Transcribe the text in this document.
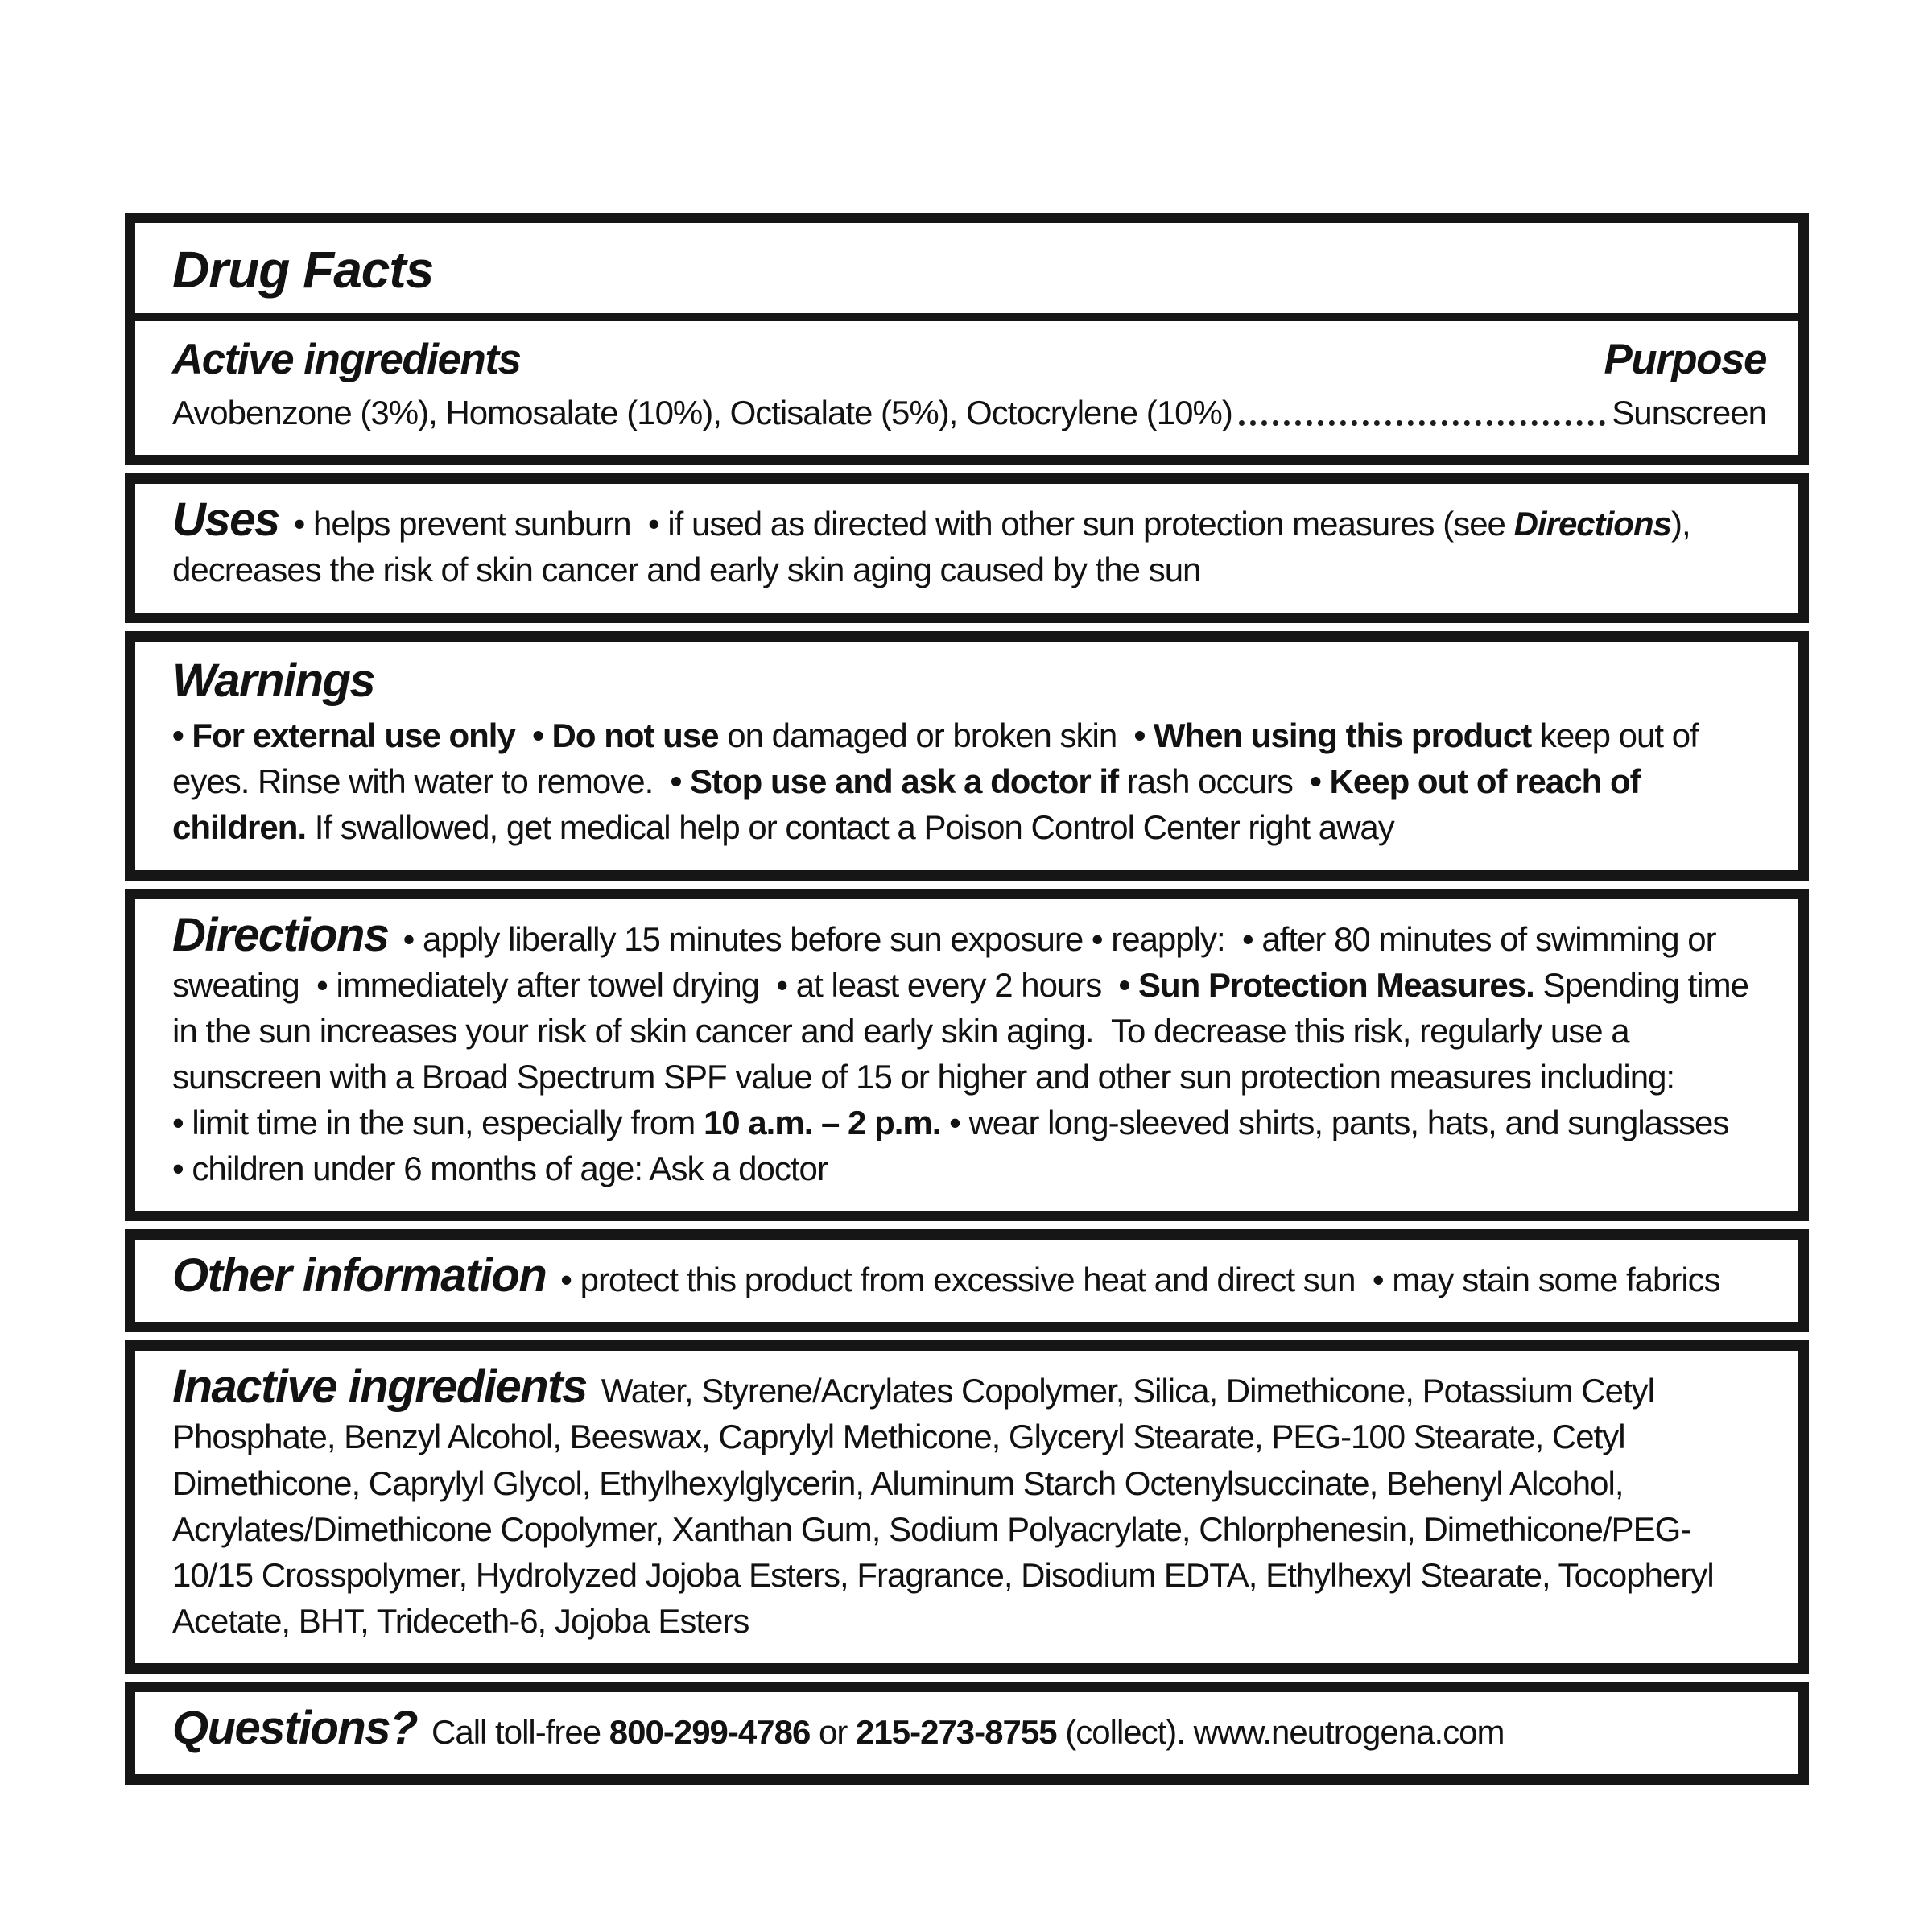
Drug Facts
Active ingredients	Purpose
Avobenzone (3%), Homosalate (10%), Octisalate (5%), Octocrylene (10%)	Sunscreen

Uses • helps prevent sunburn  • if used as directed with other sun protection measures (see Directions), decreases the risk of skin cancer and early skin aging caused by the sun

Warnings

• For external use only • Do not use on damaged or broken skin  • When using this product keep out of eyes. Rinse with water to remove.  • Stop use and ask a doctor if rash occurs  • Keep out of reach of children. If swallowed, get medical help or contact a Poison Control Center right away

Directions • apply liberally 15 minutes before sun exposure • reapply:  • after 80 minutes of swimming or sweating  • immediately after towel drying  • at least every 2 hours  • Sun Protection Measures. Spending time in the sun increases your risk of skin cancer and early skin aging.  To decrease this risk, regularly use a sunscreen with a Broad Spectrum SPF value of 15 or higher and other sun protection measures including:
• limit time in the sun, especially from 10 a.m. – 2 p.m. • wear long-sleeved shirts, pants, hats, and sunglasses
• children under 6 months of age: Ask a doctor

Other information • protect this product from excessive heat and direct sun  • may stain some fabrics

Inactive ingredients Water, Styrene/Acrylates Copolymer, Silica, Dimethicone, Potassium Cetyl Phosphate, Benzyl Alcohol, Beeswax, Caprylyl Methicone, Glyceryl Stearate, PEG-100 Stearate, Cetyl Dimethicone, Caprylyl Glycol, Ethylhexylglycerin, Aluminum Starch Octenylsuccinate, Behenyl Alcohol, Acrylates/Dimethicone Copolymer, Xanthan Gum, Sodium Polyacrylate, Chlorphenesin, Dimethicone/PEG-10/15 Crosspolymer, Hydrolyzed Jojoba Esters, Fragrance, Disodium EDTA, Ethylhexyl Stearate, Tocopheryl Acetate, BHT, Trideceth-6, Jojoba Esters

Questions? Call toll-free 800-299-4786 or 215-273-8755 (collect). www.neutrogena.com
